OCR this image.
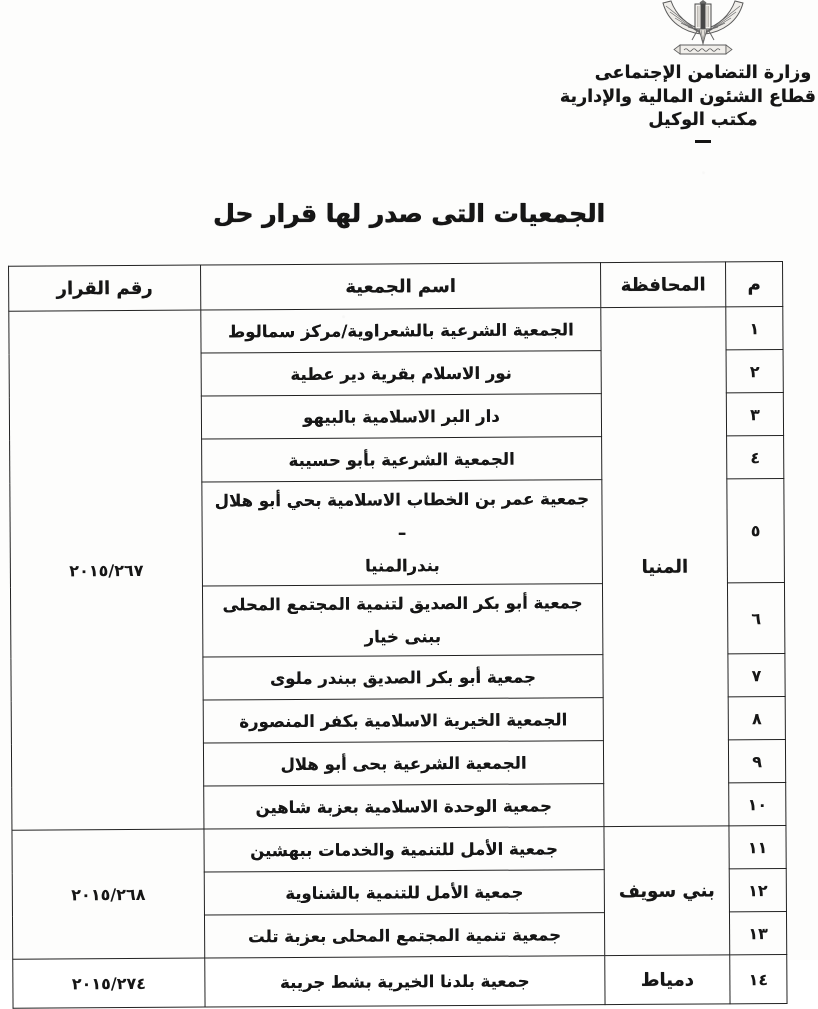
وزارة التضامن الإجتماعى
قطاع الشئون المالية والإدارية
مكتب الوكيل
الجمعيات التى صدر لها قرار حل
م	المحافظة	اسم الجمعية	رقم القرار
١	المنيا	الجمعية الشرعية بالشعراوية/مركز سمالوط	٢٠١٥/٢٦٧
٢		نور الاسلام بقرية دير عطية	
٣		دار البر الاسلامية بالبيهو	
٤		الجمعية الشرعية بأبو حسيبة	
٥		جمعية عمر بن الخطاب الاسلامية بحي أبو هلال –
بندرالمنيا	
٦		جمعية أبو بكر الصديق لتنمية المجتمع المحلى ببنى خيار	
٧		جمعية أبو بكر الصديق ببندر ملوى	
٨		الجمعية الخيرية الاسلامية بكفر المنصورة	
٩		الجمعية الشرعية بحى أبو هلال	
١٠		جمعية الوحدة الاسلامية بعزبة شاهين	
١١	بني سويف	جمعية الأمل للتنمية والخدمات ببهشين	٢٠١٥/٢٦٨
١٢		جمعية الأمل للتنمية بالشناوية	
١٣		جمعية تنمية المجتمع المحلى بعزبة تلت	
١٤	دمياط	جمعية بلدنا الخيرية بشط جريبة	٢٠١٥/٢٧٤
